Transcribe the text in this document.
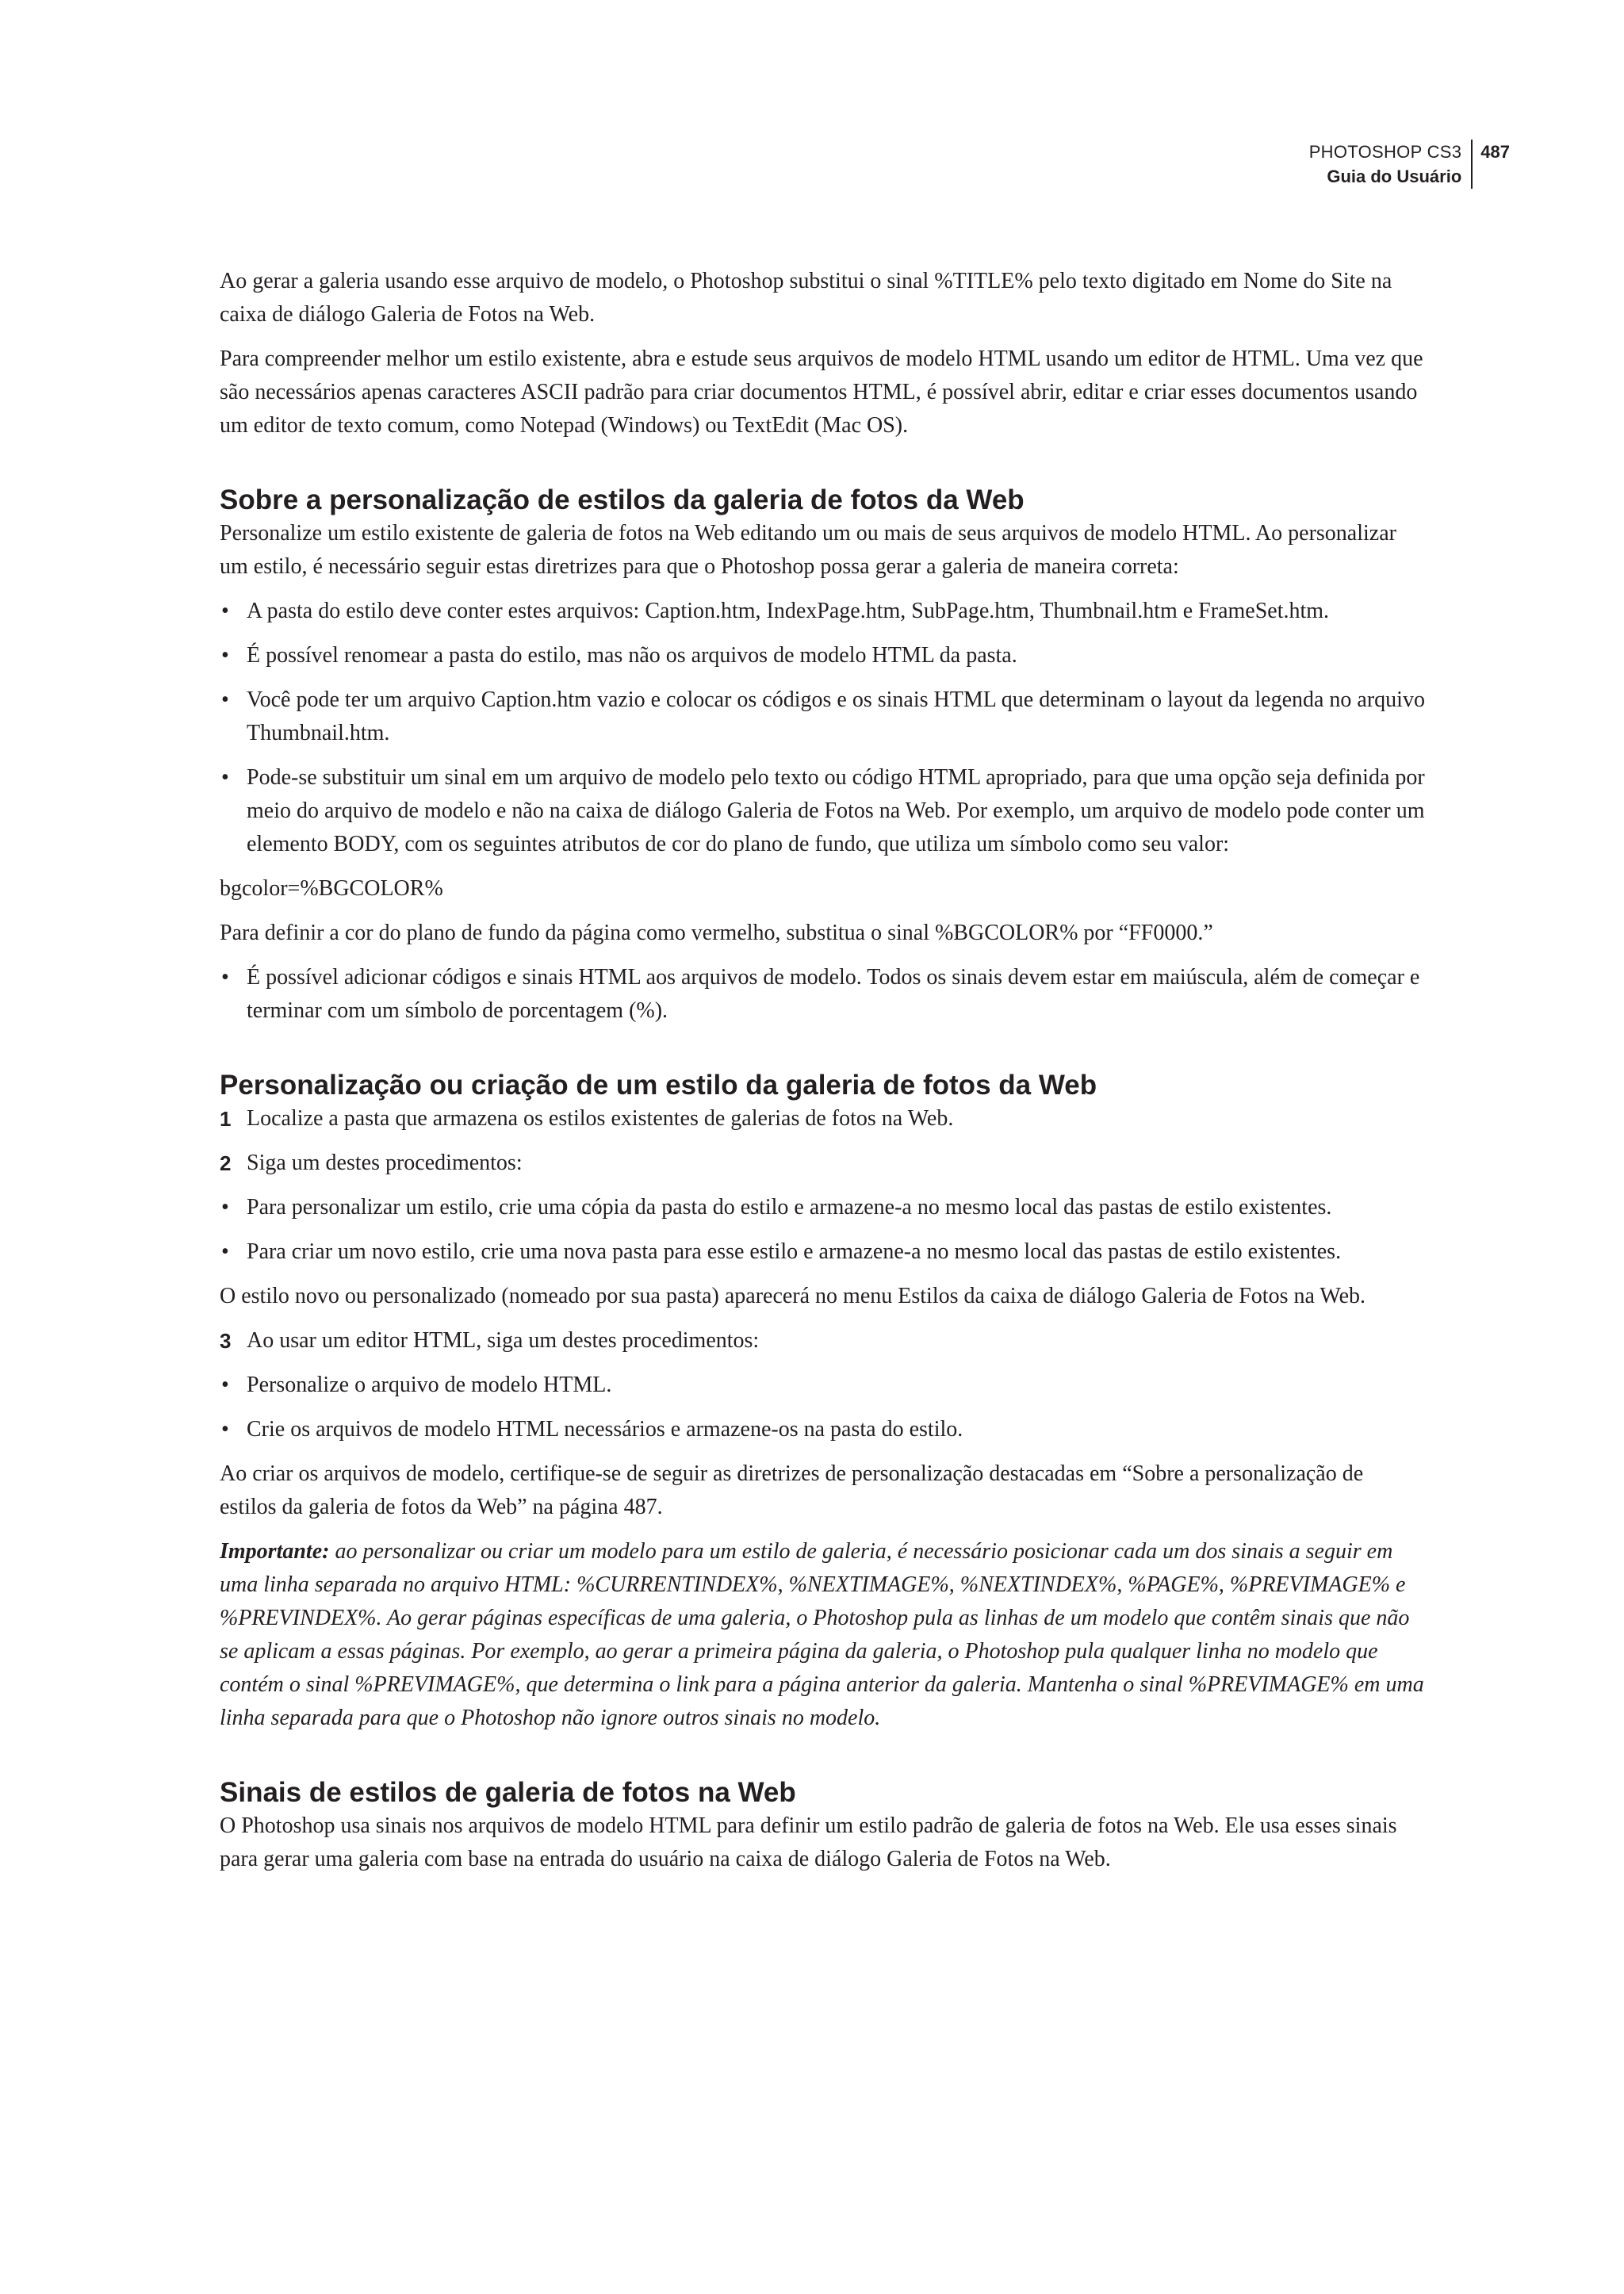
PHOTOSHOP CS3
Guia do Usuário
487

Ao gerar a galeria usando esse arquivo de modelo, o Photoshop substitui o sinal %TITLE% pelo texto digitado em Nome do Site na caixa de diálogo Galeria de Fotos na Web.

Para compreender melhor um estilo existente, abra e estude seus arquivos de modelo HTML usando um editor de HTML. Uma vez que são necessários apenas caracteres ASCII padrão para criar documentos HTML, é possível abrir, editar e criar esses documentos usando um editor de texto comum, como Notepad (Windows) ou TextEdit (Mac OS).

Sobre a personalização de estilos da galeria de fotos da Web

Personalize um estilo existente de galeria de fotos na Web editando um ou mais de seus arquivos de modelo HTML. Ao personalizar um estilo, é necessário seguir estas diretrizes para que o Photoshop possa gerar a galeria de maneira correta:

• A pasta do estilo deve conter estes arquivos: Caption.htm, IndexPage.htm, SubPage.htm, Thumbnail.htm e FrameSet.htm.
• É possível renomear a pasta do estilo, mas não os arquivos de modelo HTML da pasta.
• Você pode ter um arquivo Caption.htm vazio e colocar os códigos e os sinais HTML que determinam o layout da legenda no arquivo Thumbnail.htm.
• Pode-se substituir um sinal em um arquivo de modelo pelo texto ou código HTML apropriado, para que uma opção seja definida por meio do arquivo de modelo e não na caixa de diálogo Galeria de Fotos na Web. Por exemplo, um arquivo de modelo pode conter um elemento BODY, com os seguintes atributos de cor do plano de fundo, que utiliza um símbolo como seu valor:

bgcolor=%BGCOLOR%

Para definir a cor do plano de fundo da página como vermelho, substitua o sinal %BGCOLOR% por “FF0000.”

• É possível adicionar códigos e sinais HTML aos arquivos de modelo. Todos os sinais devem estar em maiúscula, além de começar e terminar com um símbolo de porcentagem (%).
Personalização ou criação de um estilo da galeria de fotos da Web
1 Localize a pasta que armazena os estilos existentes de galerias de fotos na Web.
2 Siga um destes procedimentos:
• Para personalizar um estilo, crie uma cópia da pasta do estilo e armazene-a no mesmo local das pastas de estilo existentes.
• Para criar um novo estilo, crie uma nova pasta para esse estilo e armazene-a no mesmo local das pastas de estilo existentes.

O estilo novo ou personalizado (nomeado por sua pasta) aparecerá no menu Estilos da caixa de diálogo Galeria de Fotos na Web.

3 Ao usar um editor HTML, siga um destes procedimentos:
• Personalize o arquivo de modelo HTML.
• Crie os arquivos de modelo HTML necessários e armazene-os na pasta do estilo.

Ao criar os arquivos de modelo, certifique-se de seguir as diretrizes de personalização destacadas em “Sobre a personalização de estilos da galeria de fotos da Web” na página 487.

Importante: ao personalizar ou criar um modelo para um estilo de galeria, é necessário posicionar cada um dos sinais a seguir em uma linha separada no arquivo HTML: %CURRENTINDEX%, %NEXTIMAGE%, %NEXTINDEX%, %PAGE%, %PREVIMAGE% e %PREVINDEX%. Ao gerar páginas específicas de uma galeria, o Photoshop pula as linhas de um modelo que contêm sinais que não se aplicam a essas páginas. Por exemplo, ao gerar a primeira página da galeria, o Photoshop pula qualquer linha no modelo que contém o sinal %PREVIMAGE%, que determina o link para a página anterior da galeria. Mantenha o sinal %PREVIMAGE% em uma linha separada para que o Photoshop não ignore outros sinais no modelo.

Sinais de estilos de galeria de fotos na Web

O Photoshop usa sinais nos arquivos de modelo HTML para definir um estilo padrão de galeria de fotos na Web. Ele usa esses sinais para gerar uma galeria com base na entrada do usuário na caixa de diálogo Galeria de Fotos na Web.
